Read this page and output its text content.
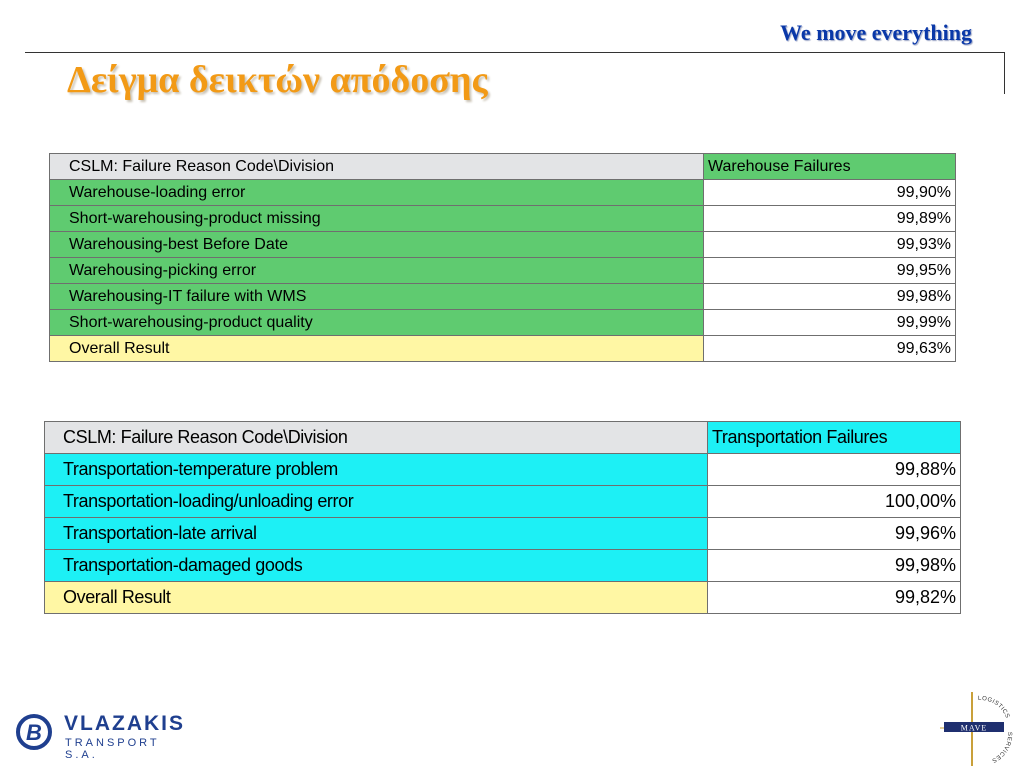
We move everything
Δείγμα δεικτών απόδοσης
CSLM: Failure Reason Code\Division	Warehouse Failures
Warehouse-loading error	99,90%
Short-warehousing-product missing	99,89%
Warehousing-best Before Date	99,93%
Warehousing-picking error	99,95%
Warehousing-IT failure with WMS	99,98%
Short-warehousing-product quality	99,99%
Overall Result	99,63%
CSLM: Failure Reason Code\Division	Transportation Failures
Transportation-temperature problem	99,88%
Transportation-loading/unloading error	100,00%
Transportation-late arrival	99,96%
Transportation-damaged goods	99,98%
Overall Result	99,82%
B VLAZAKIS
TRANSPORT S.A.
MAVE
LOGISTICS
SERVICES
